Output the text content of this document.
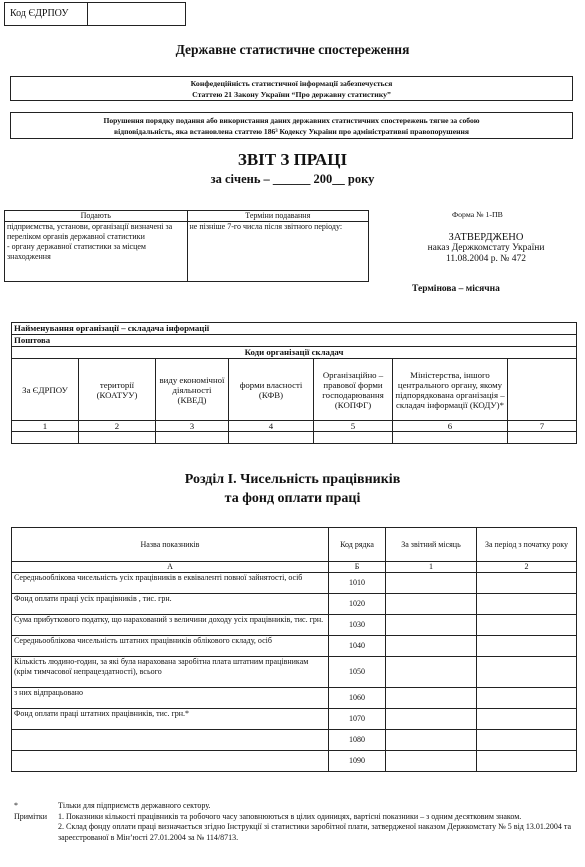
Код ЄДРПОУ
Державне статистичне спостереження
Конфедеційність статистичної інформації забезпечується
Статтею 21 Закону України “Про державну статистику”
Порушення порядку подання або використання даних державних статистичних спостережень тягне за собою
відповідальність, яка встановлена статтею 186³ Кодексу України про адміністративні правопорушення
ЗВІТ З ПРАЦІ
за січень – ______ 200__ року
Подають	Терміни подавання

підприємства, установи, організації визначені за переліком органів державної статистики
- органу державної статистики за місцем знаходження	не пізніше 7-го числа після звітного періоду:
Форма № 1-ПВ
ЗАТВЕРДЖЕНО
наказ Держкомстату України
11.08.2004 р. № 472
Термінова – місячна
Найменування організації – складача інформації						
Поштова						
Коди організації складач						
За ЄДРПОУ	території (КОАТУУ)	виду економічної діяльності (КВЕД)	форми власності (КФВ)	Організаційно – правової форми господарювання (КОПФГ)	Міністерства, іншого центрального органу, якому підпорядкована організація – складач інформації (КОДУ)*	
1	2	3	4	5	6	7

Розділ І. Чисельність працівників
та фонд оплати праці
Назва показників	Код рядка	За звітний місяць	За період з початку року
А	Б	1	2
Середньооблікова чисельність усіх працівників в еквіваленті повної зайнятості, осіб	1010		
Фонд оплати праці усіх працівників , тис. грн.	1020		
Сума прибуткового податку, що нарахований з величини доходу усіх працівників, тис. грн.	1030		
Середньооблікова чисельність штатних працівників облікового складу, осіб	1040		
Кількість людино-годин, за які була нарахована заробітна плата штатним працівникам (крім тимчасової непрацездатності), всього	1050		
з них відпрацьовано	1060		
Фонд оплати праці штатних працівників, тис. грн.*	1070		
	1080		
	1090		
*	Тільки для підприємств державного сектору.
Примітки	1. Показники кількості працівників та робочого часу заповнюються в цілих одиницях, вартісні показники – з одним десятковим знаком.
2. Склад фонду оплати праці визначається згідно Інструкції зі статистики заробітної плати, затвердженої наказом Держкомстату № 5 від 13.01.2004 та зареєстрованої в Мін’юсті 27.01.2004 за № 114/8713.
